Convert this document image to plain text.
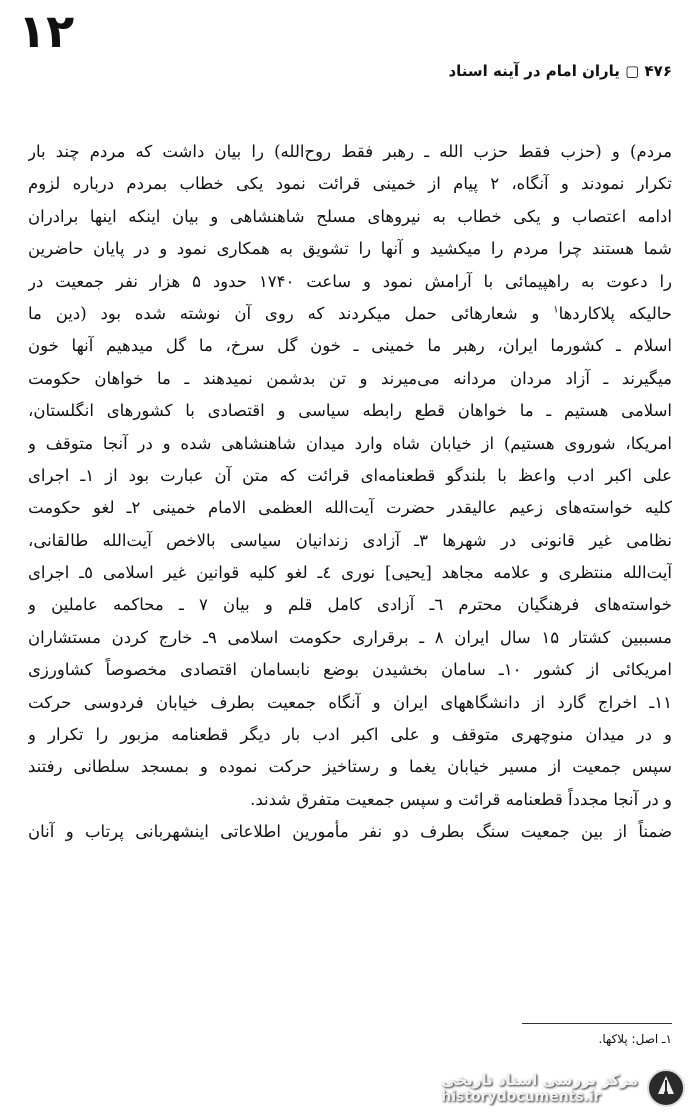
۱۲
۴۷۶ ▢ یاران امام در آینه اسناد
مردم) و (حزب فقط حزب الله ـ رهبر فقط روح‌الله) را بیان داشت که مردم چند بار
تکرار نمودند و آنگاه، ۲ پیام از خمینی قرائت نمود یکی خطاب بمردم درباره لزوم
ادامه اعتصاب و یکی خطاب به نیروهای مسلح شاهنشاهی و بیان اینکه اینها برادران
شما هستند چرا مردم را میکشید و آنها را تشویق به همکاری نمود و در پایان حاضرین
را دعوت به راهپیمائی با آرامش نمود و ساعت ۱۷۴۰ حدود ۵ هزار نفر جمعیت در
حالیکه پلاکاردها$^۱$ و شعارهائی حمل میکردند که روی آن نوشته شده بود (دین ما
اسلام ـ کشورما ایران، رهبر ما خمینی ـ خون گل سرخ، ما گل میدهیم آنها خون
میگیرند ـ آزاد مردان مردانه می‌میرند و تن بدشمن نمیدهند ـ ما خواهان حکومت
اسلامی هستیم ـ ما خواهان قطع رابطه سیاسی و اقتصادی با کشورهای انگلستان،
امریکا، شوروی هستیم) از خیابان شاه وارد میدان شاهنشاهی شده و در آنجا متوقف و
علی اکبر ادب واعظ با بلندگو قطعنامه‌ای قرائت که متن آن عبارت بود از ۱ـ اجرای
کلیه خواسته‌های زعیم عالیقدر حضرت آیت‌الله العظمی الامام خمینی ۲ـ لغو حکومت
نظامی غیر قانونی در شهرها ۳ـ آزادی زندانیان سیاسی بالاخص آیت‌الله طالقانی،
آیت‌الله منتظری و علامه مجاهد [یحیی] نوری ٤ـ لغو کلیه قوانین غیر اسلامی ٥ـ اجرای
خواسته‌های فرهنگیان محترم ٦ـ آزادی کامل قلم و بیان ۷ ـ محاکمه عاملین و
مسببین کشتار ۱۵ سال ایران ۸ ـ برقراری حکومت اسلامی ۹ـ خارج کردن مستشاران
امریکائی از کشور ۱۰ـ سامان بخشیدن بوضع نابسامان اقتصادی مخصوصاً کشاورزی
۱۱ـ اخراج گارد از دانشگاههای ایران و آنگاه جمعیت بطرف خیابان فردوسی حرکت
و در میدان منوچهری متوقف و علی اکبر ادب بار دیگر قطعنامه مزبور را تکرار و
سپس جمعیت از مسیر خیابان یغما و رستاخیز حرکت نموده و بمسجد سلطانی رفتند
و در آنجا مجدداً قطعنامه قرائت و سپس جمعیت متفرق شدند.
ضمناً از بین جمعیت سنگ بطرف دو نفر مأمورین اطلاعاتی اینشهربانی پرتاب و آنان
۱ـ اصل: پلاکها.
مرکز بررسی اسناد تاریخی
historydocuments.ir
